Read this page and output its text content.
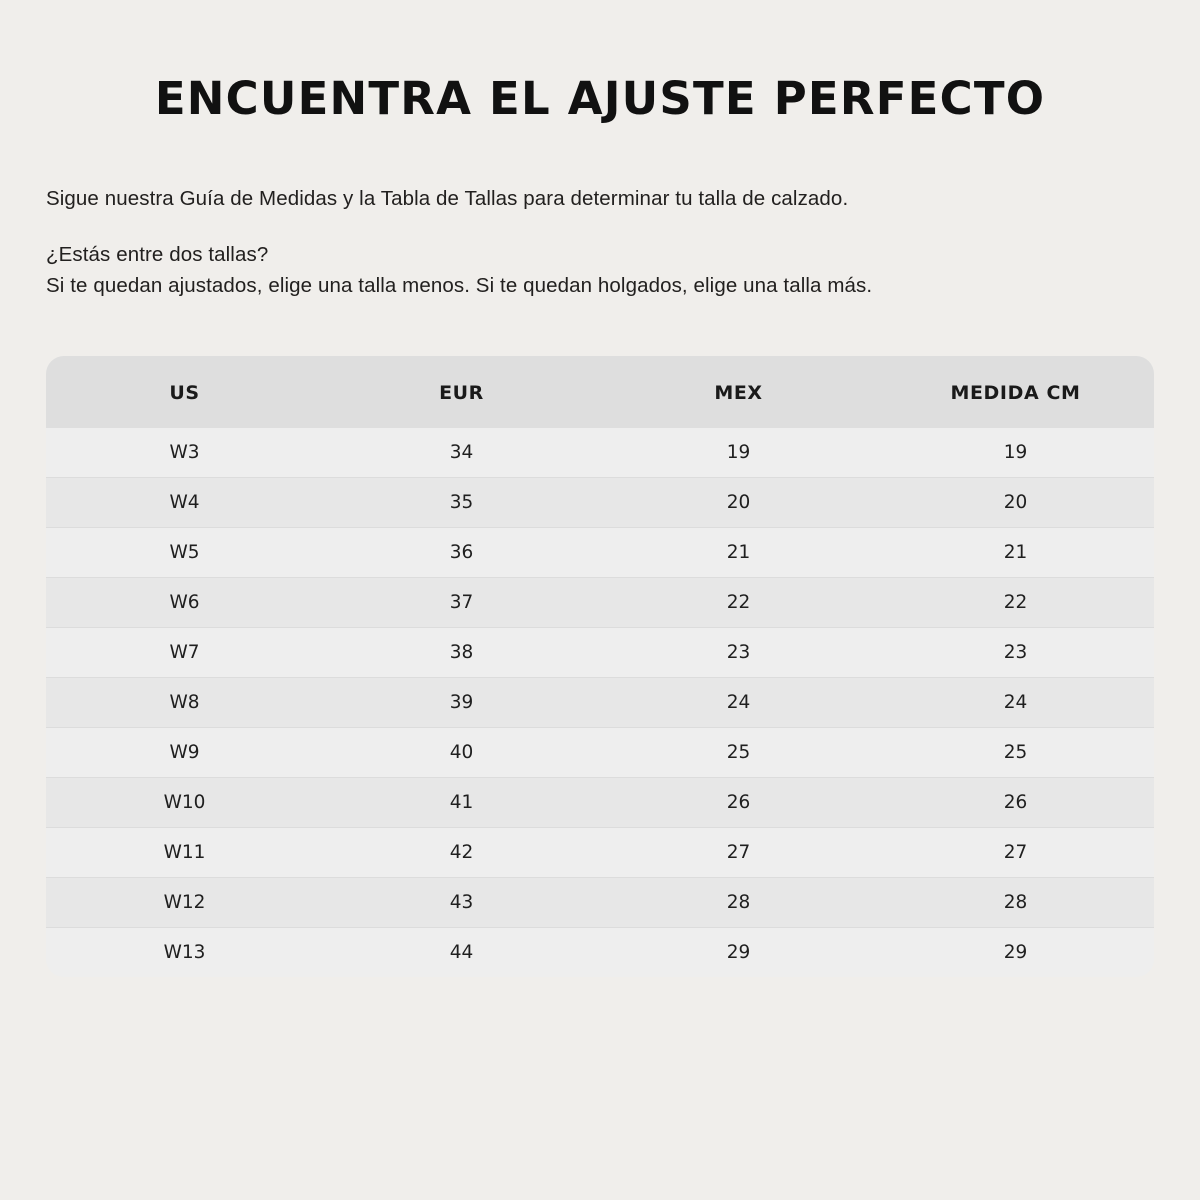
ENCUENTRA EL AJUSTE PERFECTO

Sigue nuestra Guía de Medidas y la Tabla de Tallas para determinar tu talla de calzado.

¿Estás entre dos tallas?

Si te quedan ajustados, elige una talla menos. Si te quedan holgados, elige una talla más.

US	EUR	MEX	MEDIDA CM
W3	34	19	19
W4	35	20	20
W5	36	21	21
W6	37	22	22
W7	38	23	23
W8	39	24	24
W9	40	25	25
W10	41	26	26
W11	42	27	27
W12	43	28	28
W13	44	29	29
